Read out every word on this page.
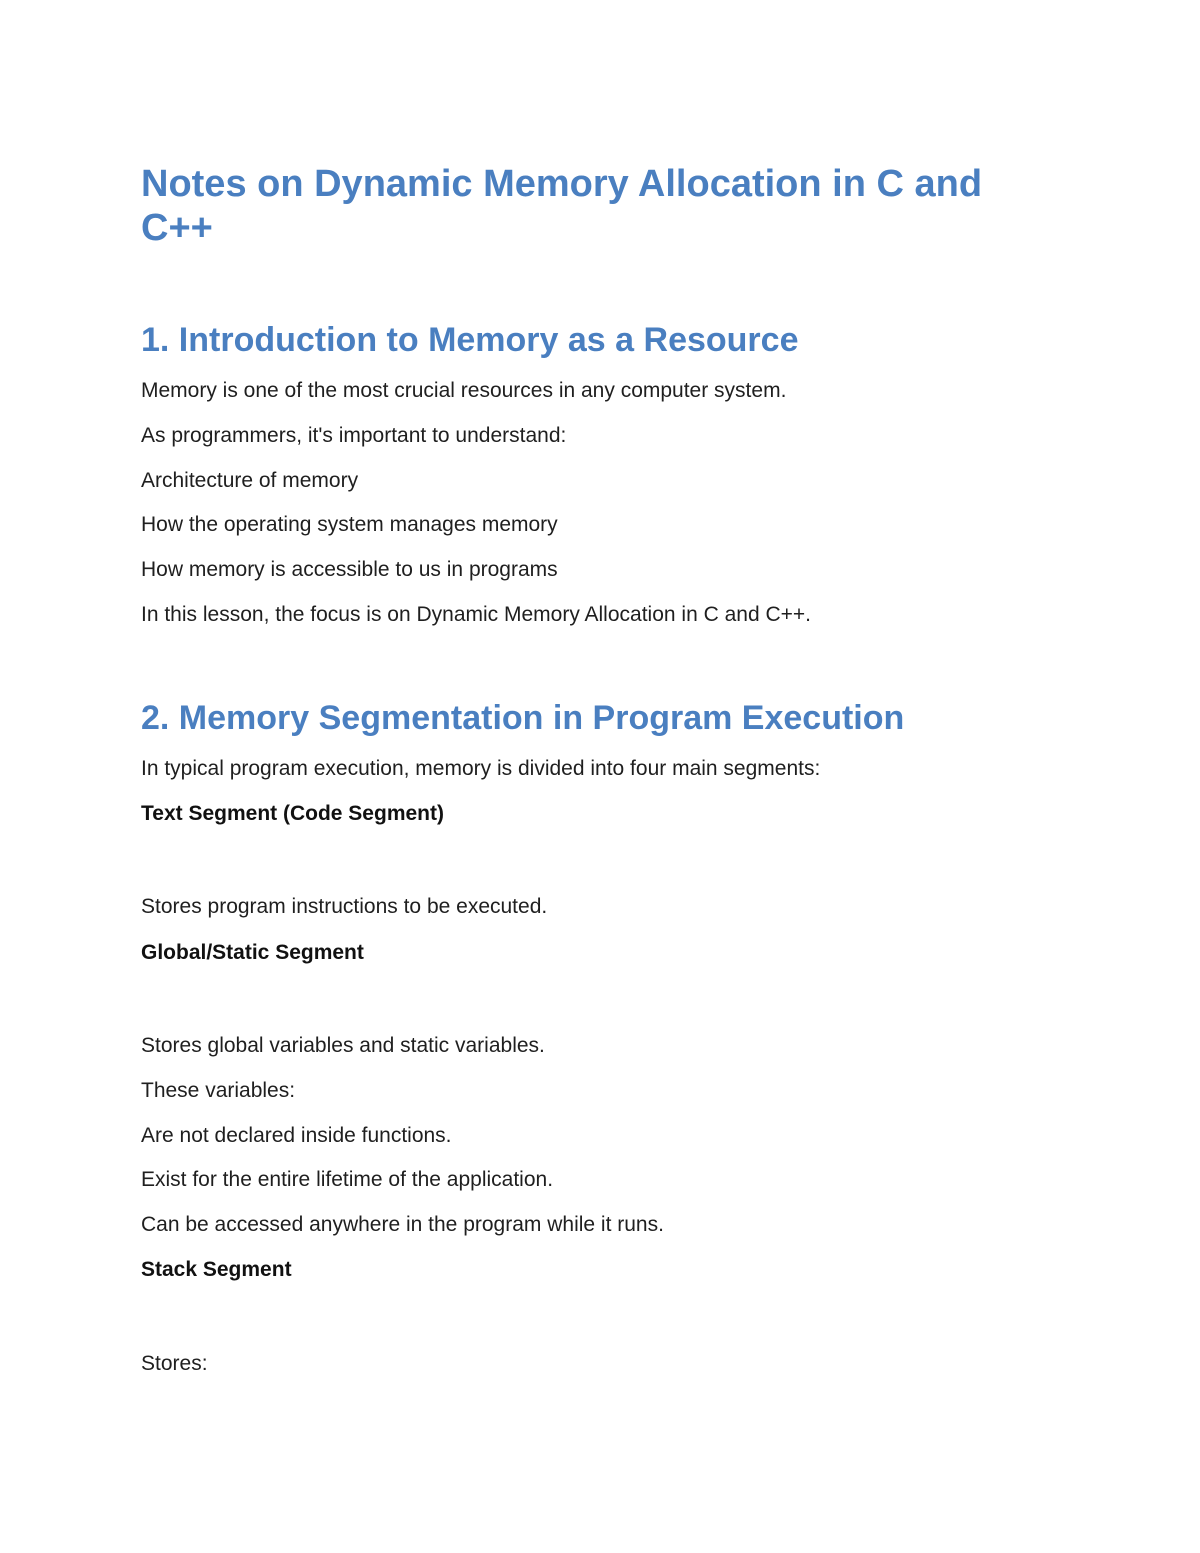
Notes on Dynamic Memory Allocation in C and C++
1. Introduction to Memory as a Resource

Memory is one of the most crucial resources in any computer system.

As programmers, it's important to understand:

Architecture of memory

How the operating system manages memory

How memory is accessible to us in programs

In this lesson, the focus is on Dynamic Memory Allocation in C and C++.

2. Memory Segmentation in Program Execution

In typical program execution, memory is divided into four main segments:

Text Segment (Code Segment)

Stores program instructions to be executed.

Global/Static Segment

Stores global variables and static variables.

These variables:

Are not declared inside functions.

Exist for the entire lifetime of the application.

Can be accessed anywhere in the program while it runs.

Stack Segment

Stores:
